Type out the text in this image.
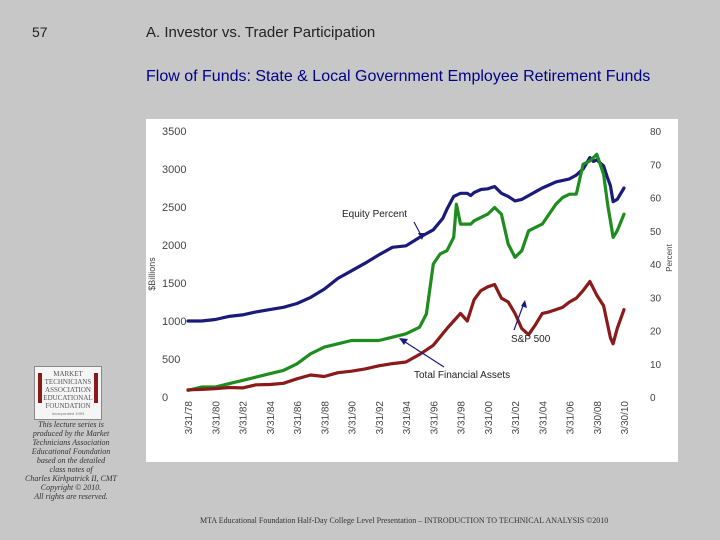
57	A. Investor vs. Trader Participation
Flow of Funds: State & Local Government Employee Retirement Funds
0
500
1000
1500
2000
2500
3000
3500
0
10
20
30
40
50
60
70
80
$Billions	Percent
3/31/78 3/31/80 3/31/82 3/31/84 3/31/86 3/31/88 3/31/90 3/31/92 3/31/94 3/31/96 3/31/98 3/31/00 3/31/02 3/31/04 3/31/06 3/30/08 3/30/10
Equity Percent
S&P 500
Total Financial Assets
MARKET TECHNICIANS ASSOCIATION EDUCATIONAL FOUNDATION
Incorporated 1993
This lecture series is
produced by the Market
Technicians Association
Educational Foundation
based on the detailed
class notes of
Charles Kirkpatrick II, CMT
Copyright © 2010.
All rights are reserved.
MTA Educational Foundation Half-Day College Level Presentation – INTRODUCTION TO TECHNICAL ANALYSIS ©2010
